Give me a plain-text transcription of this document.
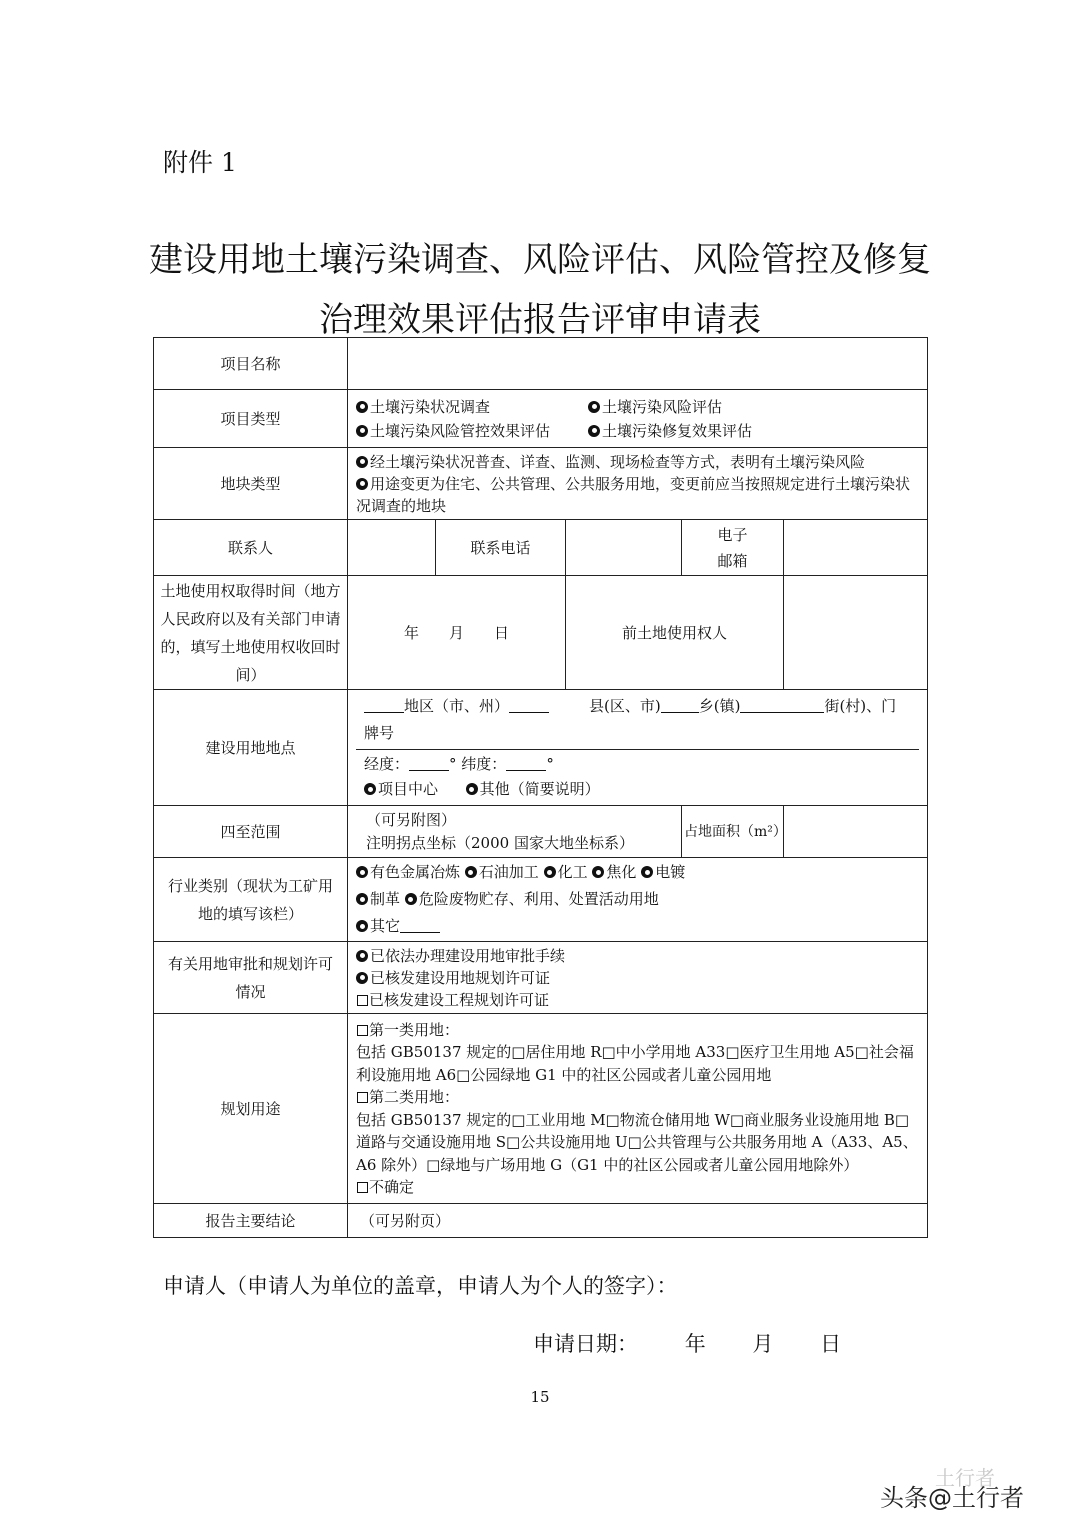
附件 1
建设用地土壤污染调查、风险评估、风险管控及修复
治理效果评估报告评审申请表
项目名称					
项目类型	土壤污染状况调查 土壤污染风险评估
土壤污染风险管控效果评估 土壤污染修复效果评估				

地块类型	经土壤污染状况普查、详查、监测、现场检查等方式，表明有土壤污染风险
用途变更为住宅、公共管理、公共服务用地，变更前应当按照规定进行土壤污染状况调查的地块				

联系人		联系电话		电子
邮箱	

土地使用权取得时间（地方人民政府以及有关部门申请的，填写土地使用权收回时间）	年　　月　　日		前土地使用权人		
建设用地地点	地区（市、州） 县(区、市) 乡(镇) 街(村)、门牌号
经度： ° 纬度： °
项目中心 其他（简要说明）				

四至范围	（可另附图）
注明拐点坐标（2000 国家大地坐标系）			占地面积（m²）	
行业类别（现状为工矿用地的填写该栏）	有色金属冶炼 石油加工 化工 焦化 电镀
制革 危险废物贮存、利用、处置活动用地
其它				

有关用地审批和规划许可情况	已依法办理建设用地审批手续
已核发建设用地规划许可证
已核发建设工程规划许可证				

规划用途	第一类用地：
包括 GB50137 规定的□居住用地 R□中小学用地 A33□医疗卫生用地 A5□社会福利设施用地 A6□公园绿地 G1 中的社区公园或者儿童公园用地
第二类用地：
包括 GB50137 规定的□工业用地 M□物流仓储用地 W□商业服务业设施用地 B□道路与交通设施用地 S□公共设施用地 U□公共管理与公共服务用地 A（A33、A5、A6 除外）□绿地与广场用地 G（G1 中的社区公园或者儿童公园用地除外）
不确定				

报告主要结论	（可另附页）				
申请人（申请人为单位的盖章，申请人为个人的签字）：
申请日期： 年 月 日
15
土行者
头条@土行者
